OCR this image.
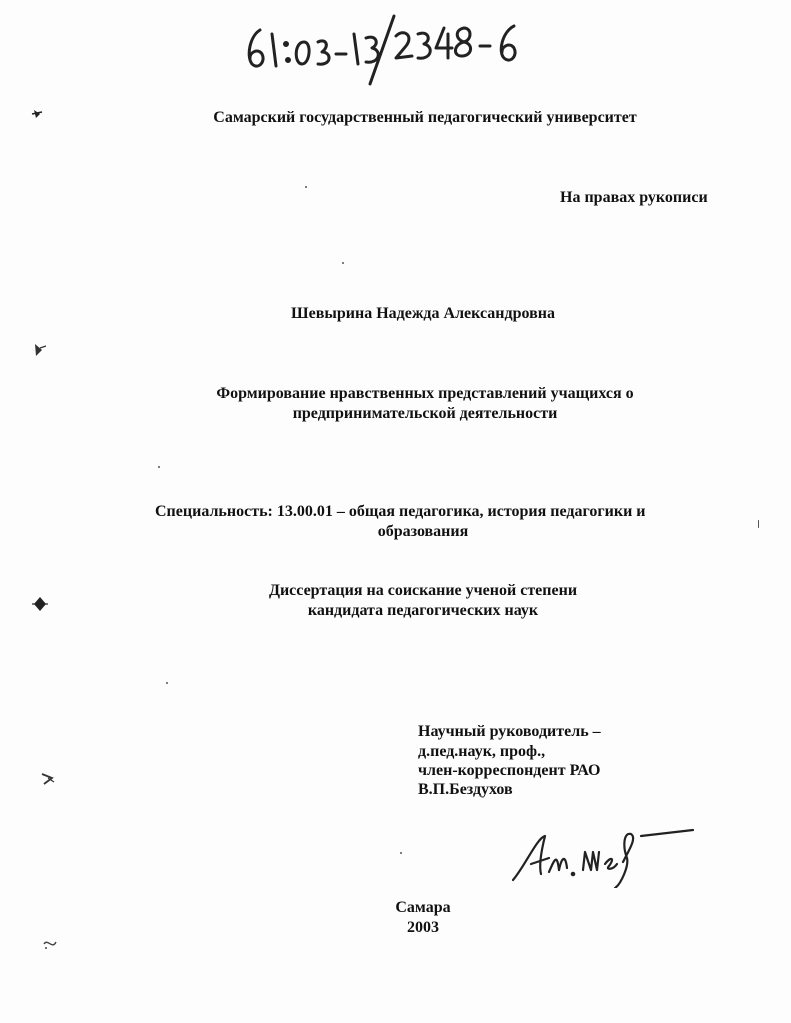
Самарский государственный педагогический университет
На правах рукописи
Шевырина Надежда Александровна
Формирование нравственных представлений учащихся о
предпринимательской деятельности
Специальность: 13.00.01 – общая педагогика, история педагогики и
образования
Диссертация на соискание ученой степени
кандидата педагогических наук
Научный руководитель –
д.пед.наук, проф.,
член-корреспондент РАО
В.П.Бездухов
Самара
2003
